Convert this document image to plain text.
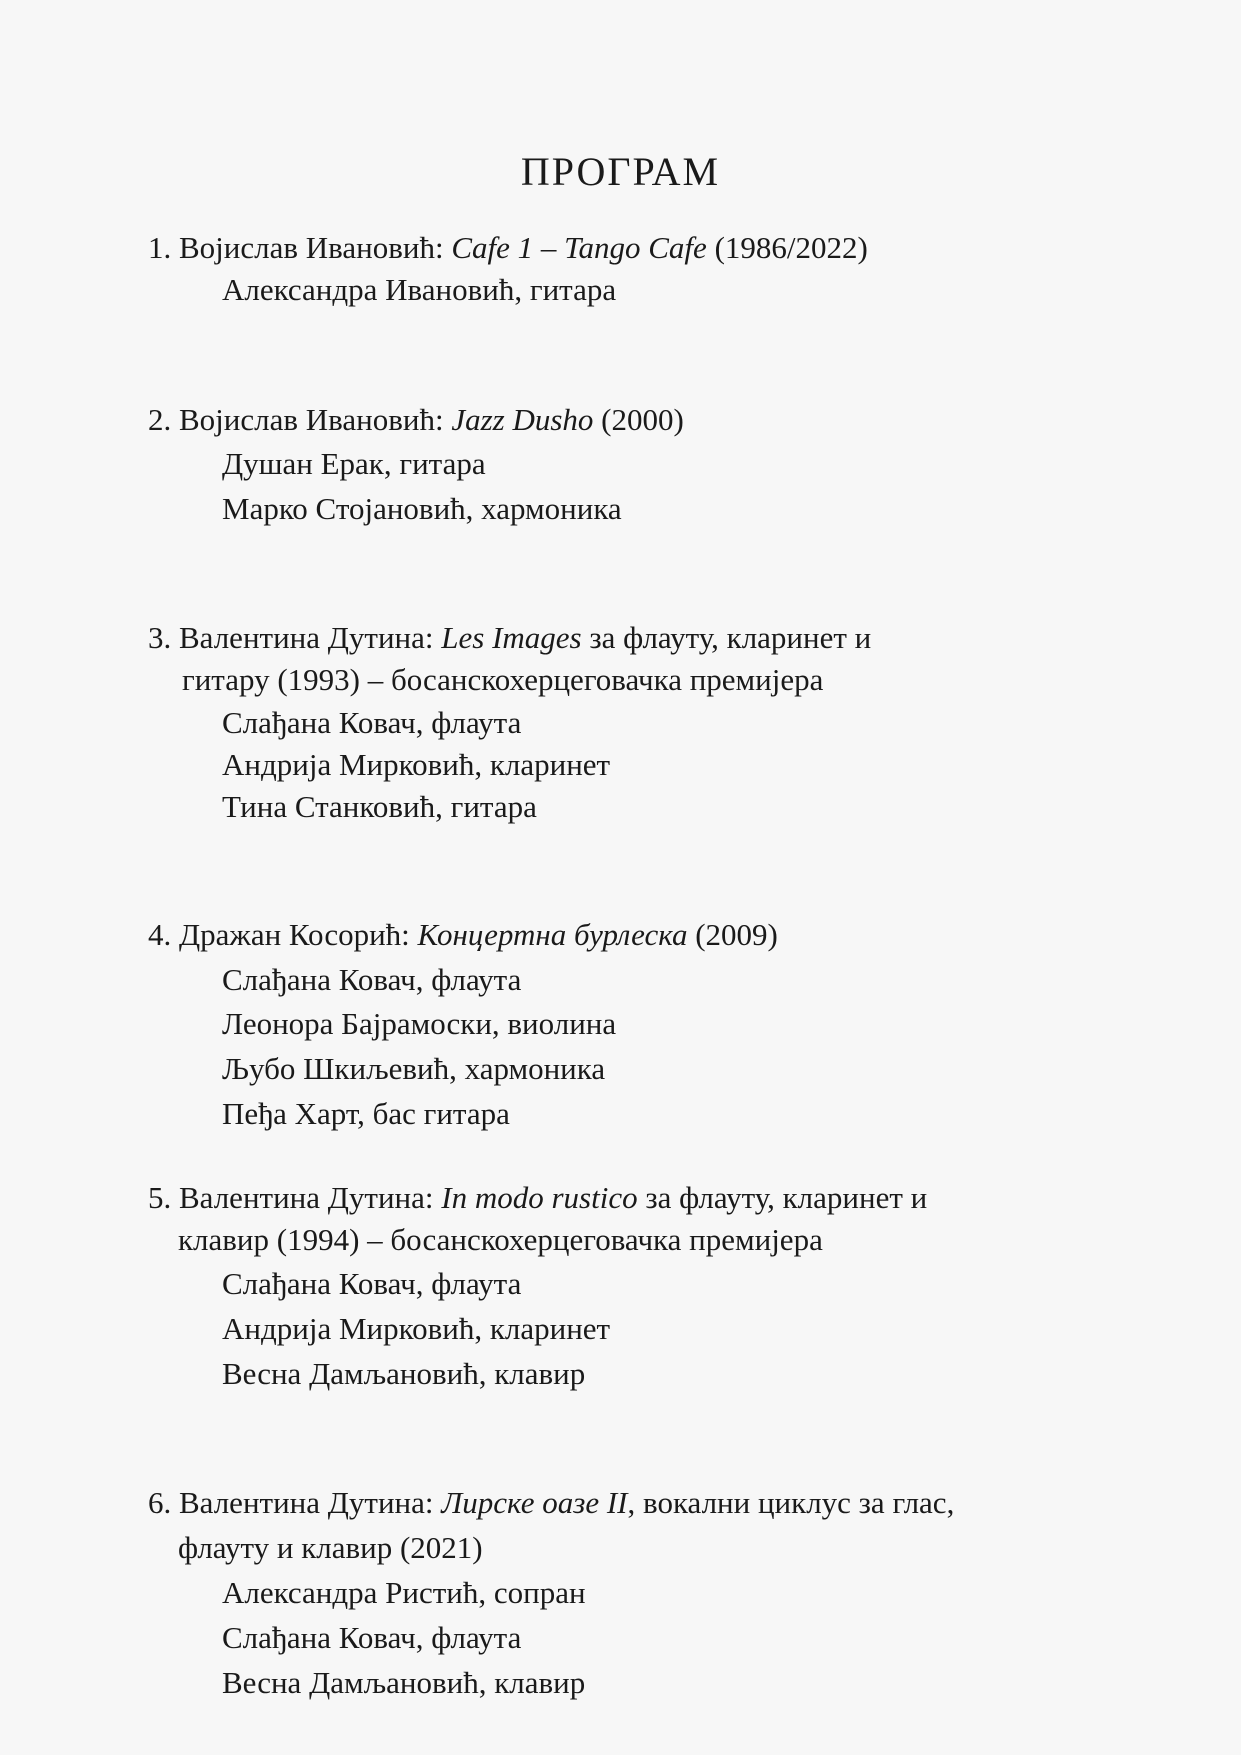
ПРОГРАМ
1. Војислав Ивановић: Cafe 1 – Tango Cafe (1986/2022)
Александра Ивановић, гитара
2. Војислав Ивановић: Jazz Dusho (2000)
Душан Ерак, гитара
Марко Стојановић, хармоника
3. Валентина Дутина: Les Images за флауту, кларинет и
гитару (1993) – босанскохерцеговачка премијера
Слађана Ковач, флаута
Андрија Мирковић, кларинет
Тина Станковић, гитара
4. Дражан Косорић: Концертна бурлеска (2009)
Слађана Ковач, флаута
Леонора Бајрамоски, виолина
Љубо Шкиљевић, хармоника
Пеђа Харт, бас гитара
5. Валентина Дутина: In modo rustico за флауту, кларинет и
клавир (1994) – босанскохерцеговачка премијера
Слађана Ковач, флаута
Андрија Мирковић, кларинет
Весна Дамљановић, клавир
6. Валентина Дутина: Лирске оазе II, вокални циклус за глас,
флауту и клавир (2021)
Александра Ристић, сопран
Слађана Ковач, флаута
Весна Дамљановић, клавир
